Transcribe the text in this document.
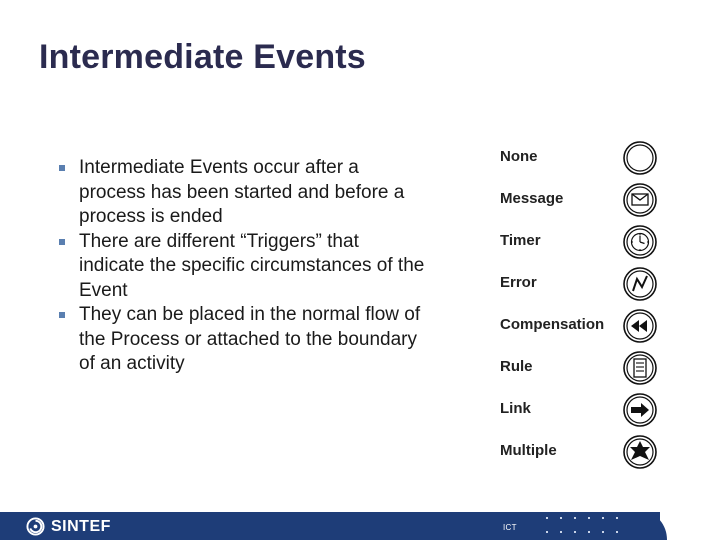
Intermediate Events
Intermediate Events occur after a process has been started and before a process is ended
There are different “Triggers” that indicate the specific circumstances of the Event
They can be placed in the normal flow of the Process or attached to the boundary of an activity
None
Message
Timer
Error
Compensation
Rule
Link
Multiple
SINTEF	ICT
